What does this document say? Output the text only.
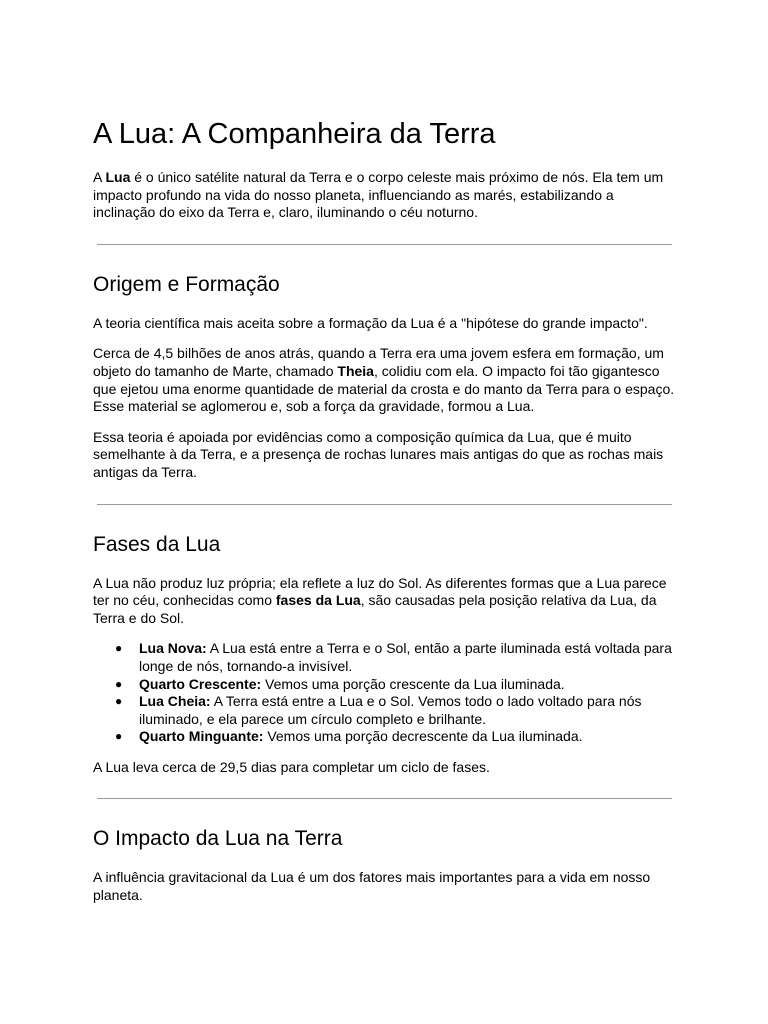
A Lua: A Companheira da Terra

A Lua é o único satélite natural da Terra e o corpo celeste mais próximo de nós. Ela tem um impacto profundo na vida do nosso planeta, influenciando as marés, estabilizando a inclinação do eixo da Terra e, claro, iluminando o céu noturno.

Origem e Formação

A teoria científica mais aceita sobre a formação da Lua é a "hipótese do grande impacto".

Cerca de 4,5 bilhões de anos atrás, quando a Terra era uma jovem esfera em formação, um objeto do tamanho de Marte, chamado Theia, colidiu com ela. O impacto foi tão gigantesco que ejetou uma enorme quantidade de material da crosta e do manto da Terra para o espaço. Esse material se aglomerou e, sob a força da gravidade, formou a Lua.

Essa teoria é apoiada por evidências como a composição química da Lua, que é muito semelhante à da Terra, e a presença de rochas lunares mais antigas do que as rochas mais antigas da Terra.

Fases da Lua

A Lua não produz luz própria; ela reflete a luz do Sol. As diferentes formas que a Lua parece ter no céu, conhecidas como fases da Lua, são causadas pela posição relativa da Lua, da Terra e do Sol.

● Lua Nova: A Lua está entre a Terra e o Sol, então a parte iluminada está voltada para longe de nós, tornando-a invisível.
● Quarto Crescente: Vemos uma porção crescente da Lua iluminada.
● Lua Cheia: A Terra está entre a Lua e o Sol. Vemos todo o lado voltado para nós iluminado, e ela parece um círculo completo e brilhante.
● Quarto Minguante: Vemos uma porção decrescente da Lua iluminada.

A Lua leva cerca de 29,5 dias para completar um ciclo de fases.

O Impacto da Lua na Terra

A influência gravitacional da Lua é um dos fatores mais importantes para a vida em nosso planeta.
